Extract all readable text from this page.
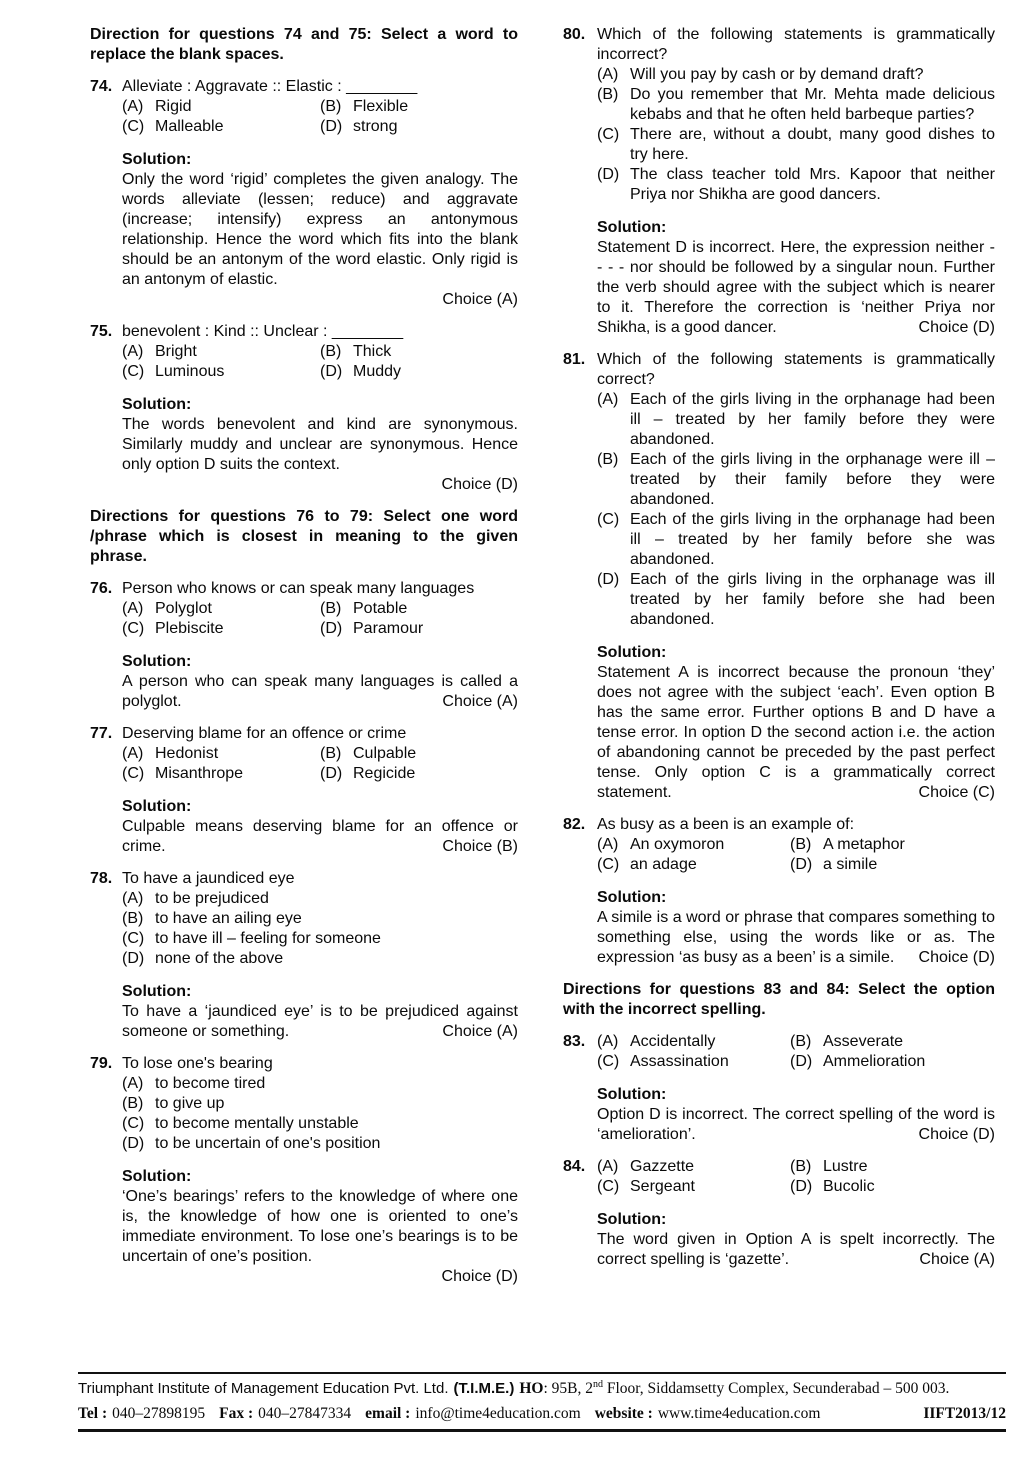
Direction for questions 74 and 75: Select a word to replace the blank spaces.
74. Alleviate : Aggravate :: Elastic : ________
(A) Rigid	(B) Flexible
(C) Malleable	(D) strong
Solution:

Only the word ‘rigid’ completes the given analogy. The words alleviate (lessen; reduce) and aggravate (increase; intensify) express an antonymous relationship. Hence the word which fits into the blank should be an antonym of the word elastic. Only rigid is an antonym of elastic.

Choice (A)
75. benevolent : Kind :: Unclear : ________
(A) Bright	(B) Thick
(C) Luminous	(D) Muddy
Solution:

The words benevolent and kind are synonymous. Similarly muddy and unclear are synonymous. Hence only option D suits the context.

Choice (D)
Directions for questions 76 to 79: Select one word /phrase which is closest in meaning to the given phrase.
76. Person who knows or can speak many languages
(A) Polyglot	(B) Potable
(C) Plebiscite	(D) Paramour
Solution:

A person who can speak many languages is called a polyglot.	Choice (A)

77. Deserving blame for an offence or crime
(A) Hedonist	(B) Culpable
(C) Misanthrope	(D) Regicide
Solution:

Culpable means deserving blame for an offence or crime.	Choice (B)

78. To have a jaundiced eye
(A) to be prejudiced
(B) to have an ailing eye
(C) to have ill – feeling for someone
(D) none of the above
Solution:

To have a ‘jaundiced eye’ is to be prejudiced against someone or something.	Choice (A)

79. To lose one's bearing
(A) to become tired
(B) to give up
(C) to become mentally unstable
(D) to be uncertain of one's position
Solution:

‘One’s bearings’ refers to the knowledge of where one is, the knowledge of how one is oriented to one’s immediate environment. To lose one’s bearings is to be uncertain of one’s position.

Choice (D)
80. Which of the following statements is grammatically incorrect?
(A) Will you pay by cash or by demand draft?
(B) Do you remember that Mr. Mehta made delicious kebabs and that he often held barbeque parties?
(C) There are, without a doubt, many good dishes to try here.
(D) The class teacher told Mrs. Kapoor that neither Priya nor Shikha are good dancers.
Solution:

Statement D is incorrect. Here, the expression neither - - - - nor should be followed by a singular noun. Further the verb should agree with the subject which is nearer to it. Therefore the correction is ‘neither Priya nor Shikha, is a good dancer.	Choice (D)

81. Which of the following statements is grammatically correct?
(A) Each of the girls living in the orphanage had been ill – treated by her family before they were abandoned.
(B) Each of the girls living in the orphanage were ill – treated by their family before they were abandoned.
(C) Each of the girls living in the orphanage had been ill – treated by her family before she was abandoned.
(D) Each of the girls living in the orphanage was ill treated by her family before she had been abandoned.
Solution:

Statement A is incorrect because the pronoun ‘they’ does not agree with the subject ‘each’. Even option B has the same error. Further options B and D have a tense error. In option D the second action i.e. the action of abandoning cannot be preceded by the past perfect tense. Only option C is a grammatically correct statement.	Choice (C)

82. As busy as a been is an example of:
(A) An oxymoron	(B) A metaphor
(C) an adage	(D) a simile
Solution:

A simile is a word or phrase that compares something to something else, using the words like or as. The expression ‘as busy as a been’ is a simile. Choice (D)

Directions for questions 83 and 84: Select the option with the incorrect spelling.
83. (A) Accidentally	(B) Asseverate
(C) Assassination	(D) Ammelioration
Solution:

Option D is incorrect. The correct spelling of the word is ‘amelioration’.	Choice (D)

84. (A) Gazzette	(B) Lustre
(C) Sergeant	(D) Bucolic
Solution:

The word given in Option A is spelt incorrectly. The correct spelling is ‘gazette’.	Choice (A)

Triumphant Institute of Management Education Pvt. Ltd. (T.I.M.E.) HO: 95B, 2nd Floor, Siddamsetty Complex, Secunderabad – 500 003.
Tel : 040–27898195 Fax : 040–27847334 email : info@time4education.com website : www.time4education.com	IIFT2013/12
